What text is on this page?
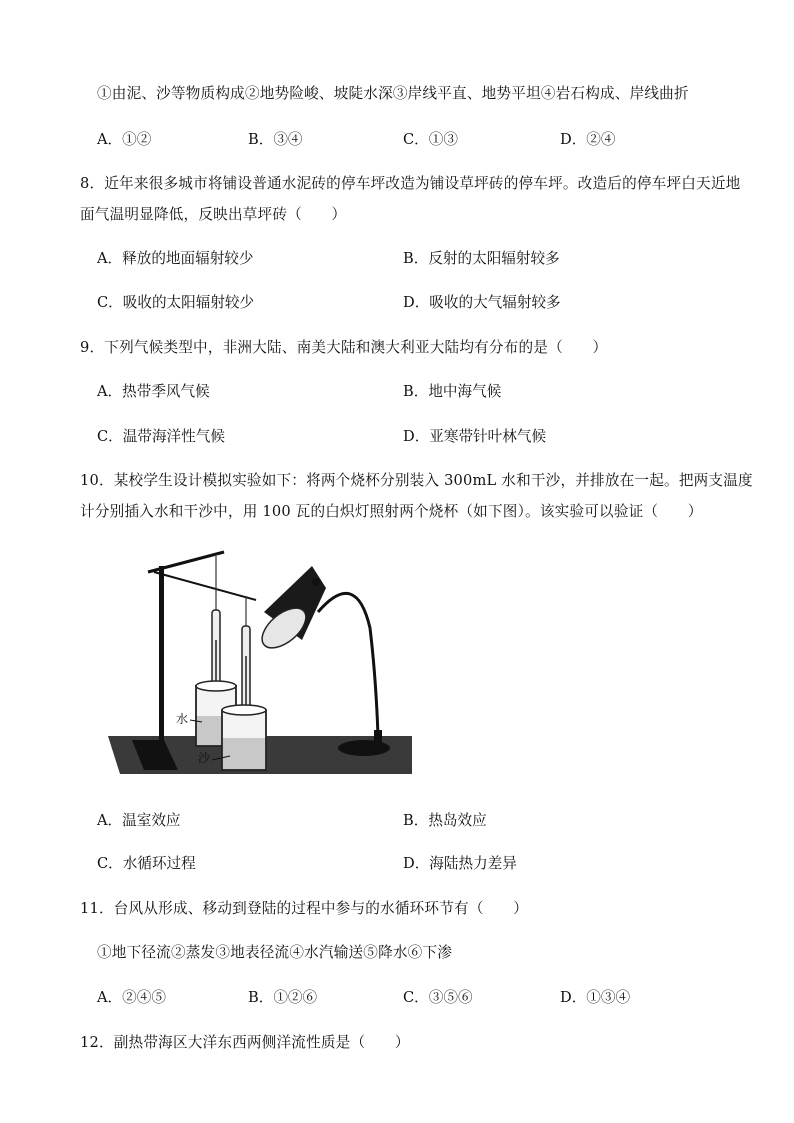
①由泥、沙等物质构成②地势险峻、坡陡水深③岸线平直、地势平坦④岩石构成、岸线曲折
A．①②	B．③④	C．①③	D．②④
8．近年来很多城市将铺设普通水泥砖的停车坪改造为铺设草坪砖的停车坪。改造后的停车坪白天近地
面气温明显降低，反映出草坪砖（　　）
A．释放的地面辐射较少	B．反射的太阳辐射较多
C．吸收的太阳辐射较少	D．吸收的大气辐射较多
9．下列气候类型中，非洲大陆、南美大陆和澳大利亚大陆均有分布的是（　　）
A．热带季风气候	B．地中海气候
C．温带海洋性气候	D．亚寒带针叶林气候
10．某校学生设计模拟实验如下：将两个烧杯分别装入 300mL 水和干沙，并排放在一起。把两支温度
计分别插入水和干沙中，用 100 瓦的白炽灯照射两个烧杯（如下图）。该实验可以验证（　　）
水
沙
A．温室效应	B．热岛效应
C．水循环过程	D．海陆热力差异
11．台风从形成、移动到登陆的过程中参与的水循环环节有（　　）
①地下径流②蒸发③地表径流④水汽输送⑤降水⑥下渗
A．②④⑤	B．①②⑥	C．③⑤⑥	D．①③④
12．副热带海区大洋东西两侧洋流性质是（　　）
